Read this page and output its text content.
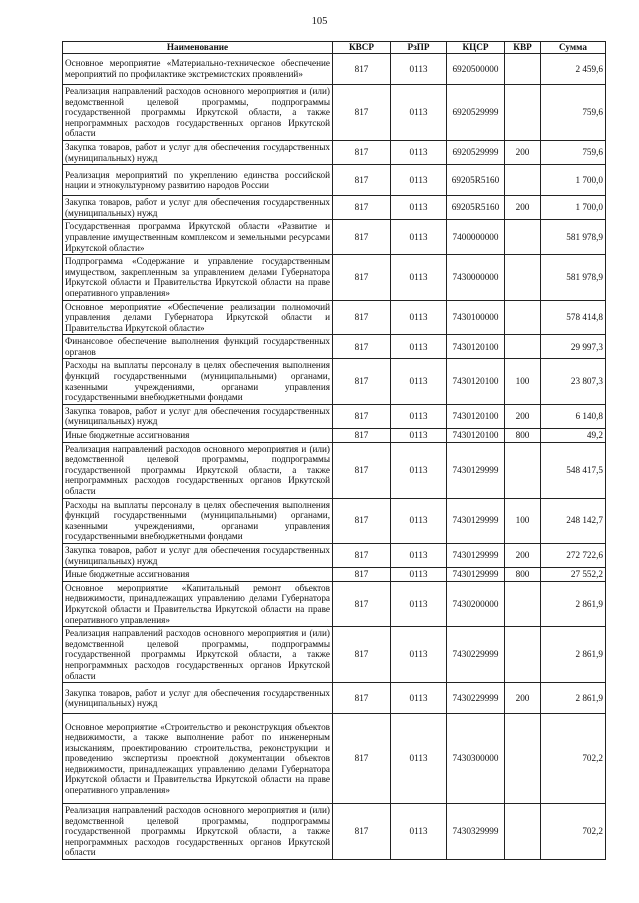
105
Наименование	КВСР	РзПР	КЦСР	КВР	Сумма
Основное мероприятие «Материально-техническое обеспечение мероприятий по профилактике экстремистских проявлений»	817	0113	6920500000		2 459,6
Реализация направлений расходов основного мероприятия и (или) ведомственной целевой программы, подпрограммы государственной программы Иркутской области, а также непрограммных расходов государственных органов Иркутской области	817	0113	6920529999		759,6
Закупка товаров, работ и услуг для обеспечения государственных (муниципальных) нужд	817	0113	6920529999	200	759,6
Реализация мероприятий по укреплению единства российской нации и этнокультурному развитию народов России	817	0113	69205R5160		1 700,0
Закупка товаров, работ и услуг для обеспечения государственных (муниципальных) нужд	817	0113	69205R5160	200	1 700,0
Государственная программа Иркутской области «Развитие и управление имущественным комплексом и земельными ресурсами Иркутской области»	817	0113	7400000000		581 978,9
Подпрограмма «Содержание и управление государственным имуществом, закрепленным за управлением делами Губернатора Иркутской области и Правительства Иркутской области на праве оперативного управления»	817	0113	7430000000		581 978,9
Основное мероприятие «Обеспечение реализации полномочий управления делами Губернатора Иркутской области и Правительства Иркутской области»	817	0113	7430100000		578 414,8
Финансовое обеспечение выполнения функций государственных органов	817	0113	7430120100		29 997,3
Расходы на выплаты персоналу в целях обеспечения выполнения функций государственными (муниципальными) органами, казенными учреждениями, органами управления государственными внебюджетными фондами	817	0113	7430120100	100	23 807,3
Закупка товаров, работ и услуг для обеспечения государственных (муниципальных) нужд	817	0113	7430120100	200	6 140,8
Иные бюджетные ассигнования	817	0113	7430120100	800	49,2
Реализация направлений расходов основного мероприятия и (или) ведомственной целевой программы, подпрограммы государственной программы Иркутской области, а также непрограммных расходов государственных органов Иркутской области	817	0113	7430129999		548 417,5
Расходы на выплаты персоналу в целях обеспечения выполнения функций государственными (муниципальными) органами, казенными учреждениями, органами управления государственными внебюджетными фондами	817	0113	7430129999	100	248 142,7
Закупка товаров, работ и услуг для обеспечения государственных (муниципальных) нужд	817	0113	7430129999	200	272 722,6
Иные бюджетные ассигнования	817	0113	7430129999	800	27 552,2
Основное мероприятие «Капитальный ремонт объектов недвижимости, принадлежащих управлению делами Губернатора Иркутской области и Правительства Иркутской области на праве оперативного управления»	817	0113	7430200000		2 861,9
Реализация направлений расходов основного мероприятия и (или) ведомственной целевой программы, подпрограммы государственной программы Иркутской области, а также непрограммных расходов государственных органов Иркутской области	817	0113	7430229999		2 861,9
Закупка товаров, работ и услуг для обеспечения государственных (муниципальных) нужд	817	0113	7430229999	200	2 861,9
Основное мероприятие «Строительство и реконструкция объектов недвижимости, а также выполнение работ по инженерным изысканиям, проектированию строительства, реконструкции и проведению экспертизы проектной документации объектов недвижимости, принадлежащих управлению делами Губернатора Иркутской области и Правительства Иркутской области на праве оперативного управления»	817	0113	7430300000		702,2
Реализация направлений расходов основного мероприятия и (или) ведомственной целевой программы, подпрограммы государственной программы Иркутской области, а также непрограммных расходов государственных органов Иркутской области	817	0113	7430329999		702,2
